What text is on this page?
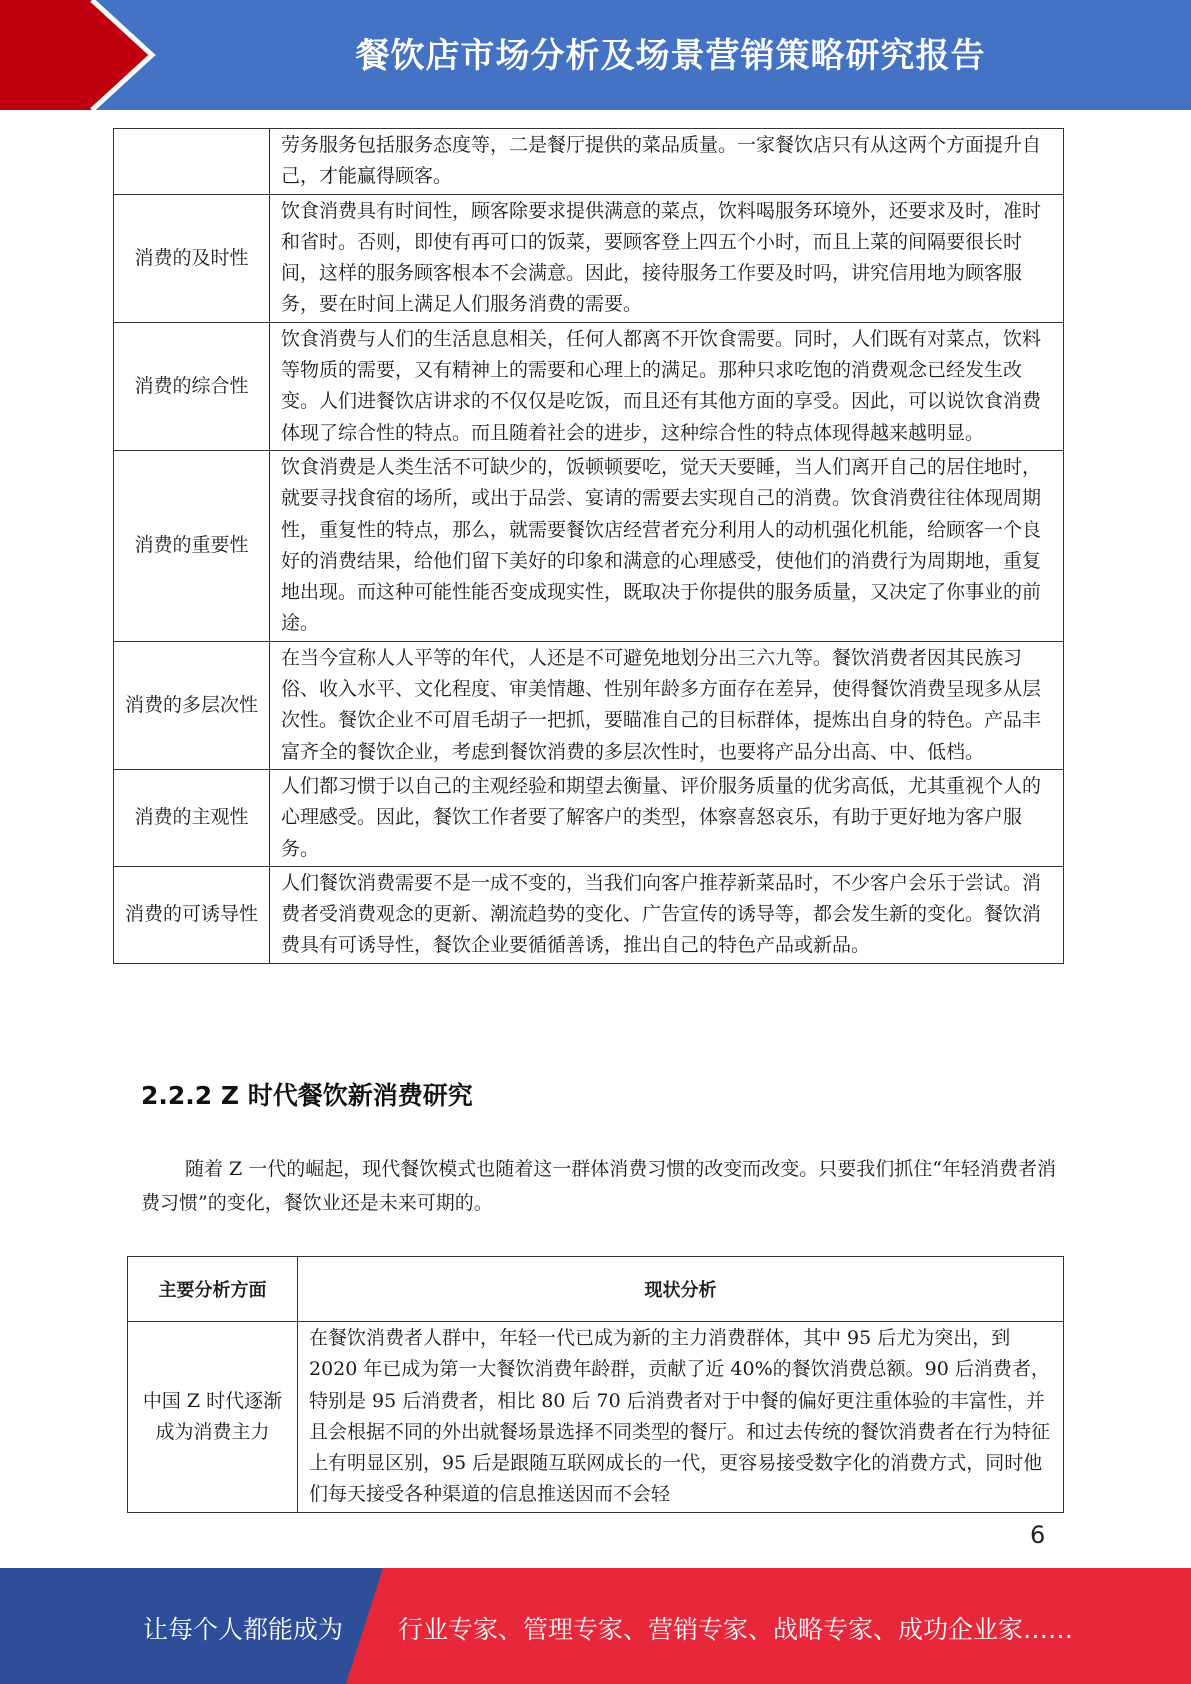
餐饮店市场分析及场景营销策略研究报告
	劳务服务包括服务态度等，二是餐厅提供的菜品质量。一家餐饮店只有从这两个方面提升自己，才能赢得顾客。
消费的及时性	饮食消费具有时间性，顾客除要求提供满意的菜点，饮料喝服务环境外，还要求及时，准时和省时。否则，即使有再可口的饭菜，要顾客登上四五个小时，而且上菜的间隔要很长时间，这样的服务顾客根本不会满意。因此，接待服务工作要及时吗，讲究信用地为顾客服务，要在时间上满足人们服务消费的需要。
消费的综合性	饮食消费与人们的生活息息相关，任何人都离不开饮食需要。同时，人们既有对菜点，饮料等物质的需要，又有精神上的需要和心理上的满足。那种只求吃饱的消费观念已经发生改变。人们进餐饮店讲求的不仅仅是吃饭，而且还有其他方面的享受。因此，可以说饮食消费体现了综合性的特点。而且随着社会的进步，这种综合性的特点体现得越来越明显。
消费的重要性	饮食消费是人类生活不可缺少的，饭顿顿要吃，觉天天要睡，当人们离开自己的居住地时，就要寻找食宿的场所，或出于品尝、宴请的需要去实现自己的消费。饮食消费往往体现周期性，重复性的特点，那么，就需要餐饮店经营者充分利用人的动机强化机能，给顾客一个良好的消费结果，给他们留下美好的印象和满意的心理感受，使他们的消费行为周期地，重复地出现。而这种可能性能否变成现实性，既取决于你提供的服务质量，又决定了你事业的前途。
消费的多层次性	在当今宣称人人平等的年代，人还是不可避免地划分出三六九等。餐饮消费者因其民族习俗、收入水平、文化程度、审美情趣、性别年龄多方面存在差异，使得餐饮消费呈现多从层次性。餐饮企业不可眉毛胡子一把抓，要瞄准自己的目标群体，提炼出自身的特色。产品丰富齐全的餐饮企业，考虑到餐饮消费的多层次性时，也要将产品分出高、中、低档。
消费的主观性	人们都习惯于以自己的主观经验和期望去衡量、评价服务质量的优劣高低，尤其重视个人的心理感受。因此，餐饮工作者要了解客户的类型，体察喜怒哀乐，有助于更好地为客户服务。
消费的可诱导性	人们餐饮消费需要不是一成不变的，当我们向客户推荐新菜品时，不少客户会乐于尝试。消费者受消费观念的更新、潮流趋势的变化、广告宣传的诱导等，都会发生新的变化。餐饮消费具有可诱导性，餐饮企业要循循善诱，推出自己的特色产品或新品。
2.2.2 Z 时代餐饮新消费研究

随着 Z 一代的崛起，现代餐饮模式也随着这一群体消费习惯的改变而改变。只要我们抓住“年轻消费者消费习惯”的变化，餐饮业还是未来可期的。

主要分析方面	现状分析
中国 Z 时代逐渐成为消费主力	在餐饮消费者人群中，年轻一代已成为新的主力消费群体，其中 95 后尤为突出，到 2020 年已成为第一大餐饮消费年龄群，贡献了近 40%的餐饮消费总额。90 后消费者，特别是 95 后消费者，相比 80 后 70 后消费者对于中餐的偏好更注重体验的丰富性，并且会根据不同的外出就餐场景选择不同类型的餐厅。和过去传统的餐饮消费者在行为特征上有明显区别，95 后是跟随互联网成长的一代，更容易接受数字化的消费方式，同时他们每天接受各种渠道的信息推送因而不会轻
6
让每个人都能成为 行业专家、管理专家、营销专家、战略专家、成功企业家……
